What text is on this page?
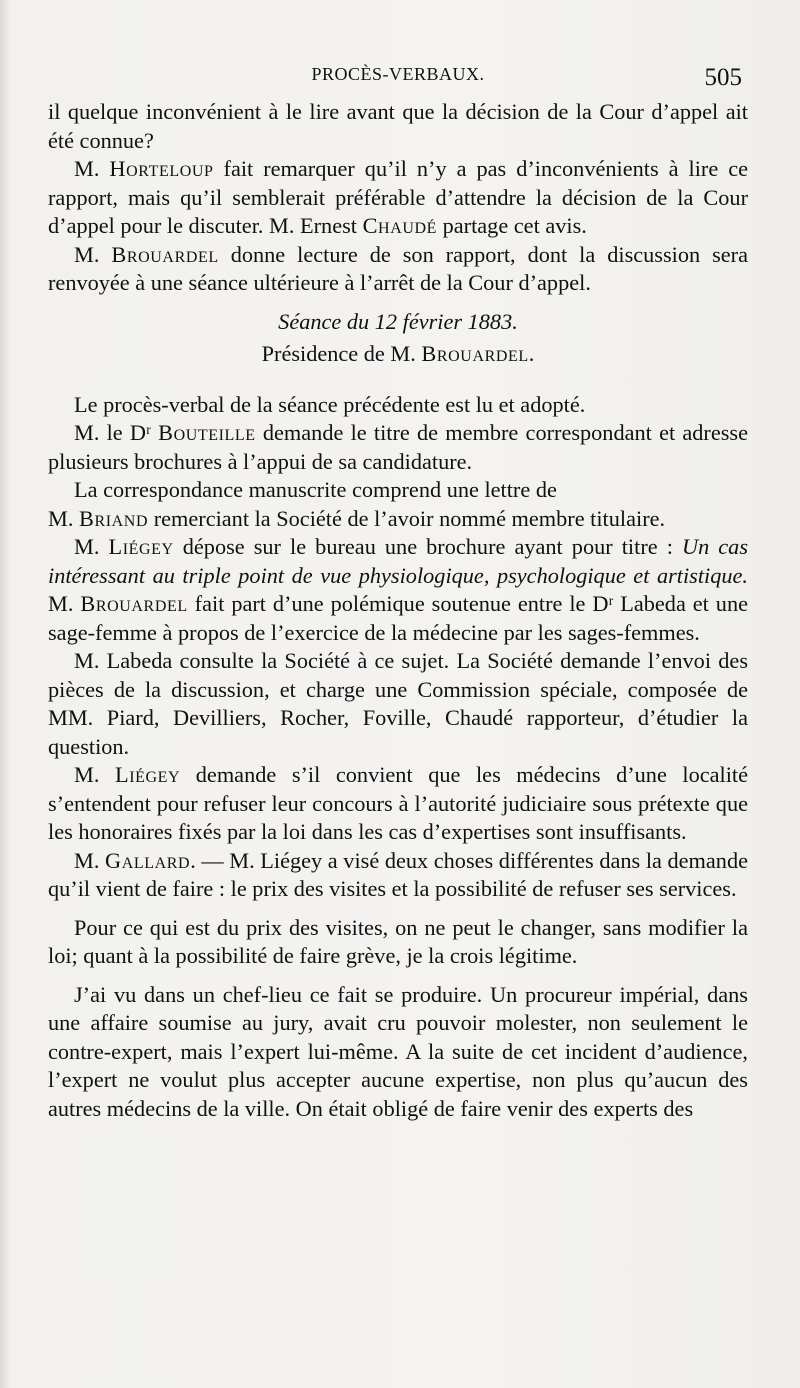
PROCÈS-VERBAUX.	505

il quelque inconvénient à le lire avant que la décision de la Cour d’appel ait été connue?

M. Horteloup fait remarquer qu’il n’y a pas d’inconvénients à lire ce rapport, mais qu’il semblerait préférable d’attendre la décision de la Cour d’appel pour le discuter. M. Ernest Chaudé partage cet avis.

M. Brouardel donne lecture de son rapport, dont la discussion sera renvoyée à une séance ultérieure à l’arrêt de la Cour d’appel.

Séance du 12 février 1883.

Présidence de M. Brouardel.

Le procès-verbal de la séance précédente est lu et adopté.

M. le Dʳ Bouteille demande le titre de membre correspondant et adresse plusieurs brochures à l’appui de sa candidature.

La correspondance manuscrite comprend une lettre de
M. Briand remerciant la Société de l’avoir nommé membre titulaire.

M. Liégey dépose sur le bureau une brochure ayant pour titre : Un cas intéressant au triple point de vue physiologique, psychologique et artistique. M. Brouardel fait part d’une polémique soutenue entre le Dʳ Labeda et une sage-femme à propos de l’exercice de la médecine par les sages-femmes.

M. Labeda consulte la Société à ce sujet. La Société demande l’envoi des pièces de la discussion, et charge une Commission spéciale, composée de MM. Piard, Devilliers, Rocher, Foville, Chaudé rapporteur, d’étudier la question.

M. Liégey demande s’il convient que les médecins d’une localité s’entendent pour refuser leur concours à l’autorité judiciaire sous prétexte que les honoraires fixés par la loi dans les cas d’expertises sont insuffisants.

M. Gallard. — M. Liégey a visé deux choses différentes dans la demande qu’il vient de faire : le prix des visites et la possibilité de refuser ses services.

Pour ce qui est du prix des visites, on ne peut le changer, sans modifier la loi; quant à la possibilité de faire grève, je la crois légitime.

J’ai vu dans un chef-lieu ce fait se produire. Un procureur impérial, dans une affaire soumise au jury, avait cru pouvoir molester, non seulement le contre-expert, mais l’expert lui-même. A la suite de cet incident d’audience, l’expert ne voulut plus accepter aucune expertise, non plus qu’aucun des autres médecins de la ville. On était obligé de faire venir des experts des
